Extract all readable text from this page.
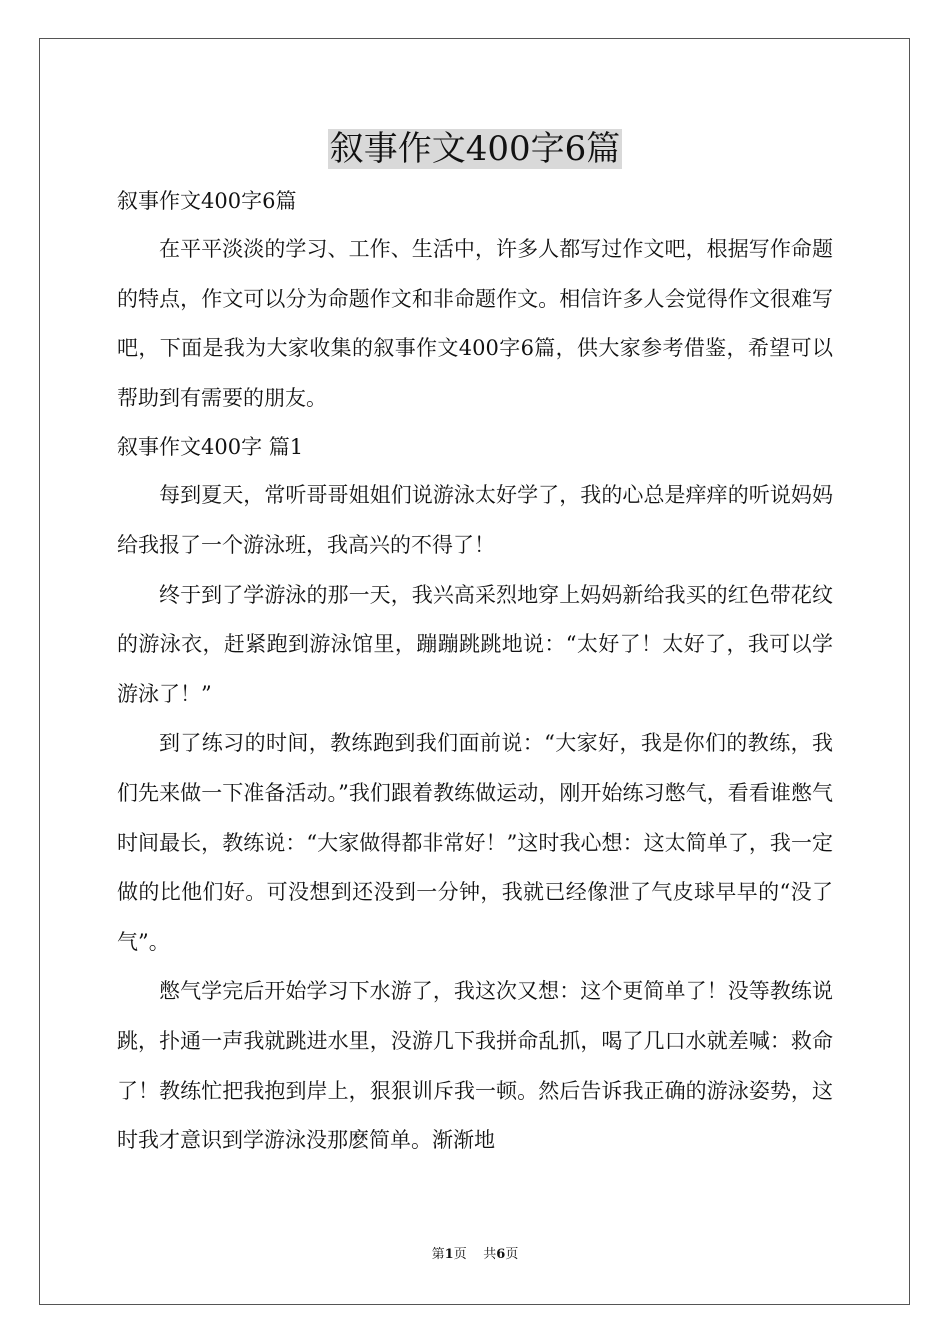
叙事作文400字6篇

叙事作文400字6篇

在平平淡淡的学习、工作、生活中，许多人都写过作文吧，根据写作命题的特点，作文可以分为命题作文和非命题作文。相信许多人会觉得作文很难写吧，下面是我为大家收集的叙事作文400字6篇，供大家参考借鉴，希望可以帮助到有需要的朋友。

叙事作文400字 篇1

每到夏天，常听哥哥姐姐们说游泳太好学了，我的心总是痒痒的听说妈妈给我报了一个游泳班，我高兴的不得了！

终于到了学游泳的那一天，我兴高采烈地穿上妈妈新给我买的红色带花纹的游泳衣，赶紧跑到游泳馆里，蹦蹦跳跳地说：“太好了！太好了，我可以学游泳了！”

到了练习的时间，教练跑到我们面前说：“大家好，我是你们的教练，我们先来做一下准备活动。”我们跟着教练做运动，刚开始练习憋气，看看谁憋气时间最长，教练说：“大家做得都非常好！”这时我心想：这太简单了，我一定做的比他们好。可没想到还没到一分钟，我就已经像泄了气皮球早早的“没了气”。

憋气学完后开始学习下水游了，我这次又想：这个更简单了！没等教练说跳，扑通一声我就跳进水里，没游几下我拼命乱抓，喝了几口水就差喊：救命了！教练忙把我抱到岸上，狠狠训斥我一顿。然后告诉我正确的游泳姿势，这时我才意识到学游泳没那麽简单。渐渐地

第1页 共6页
